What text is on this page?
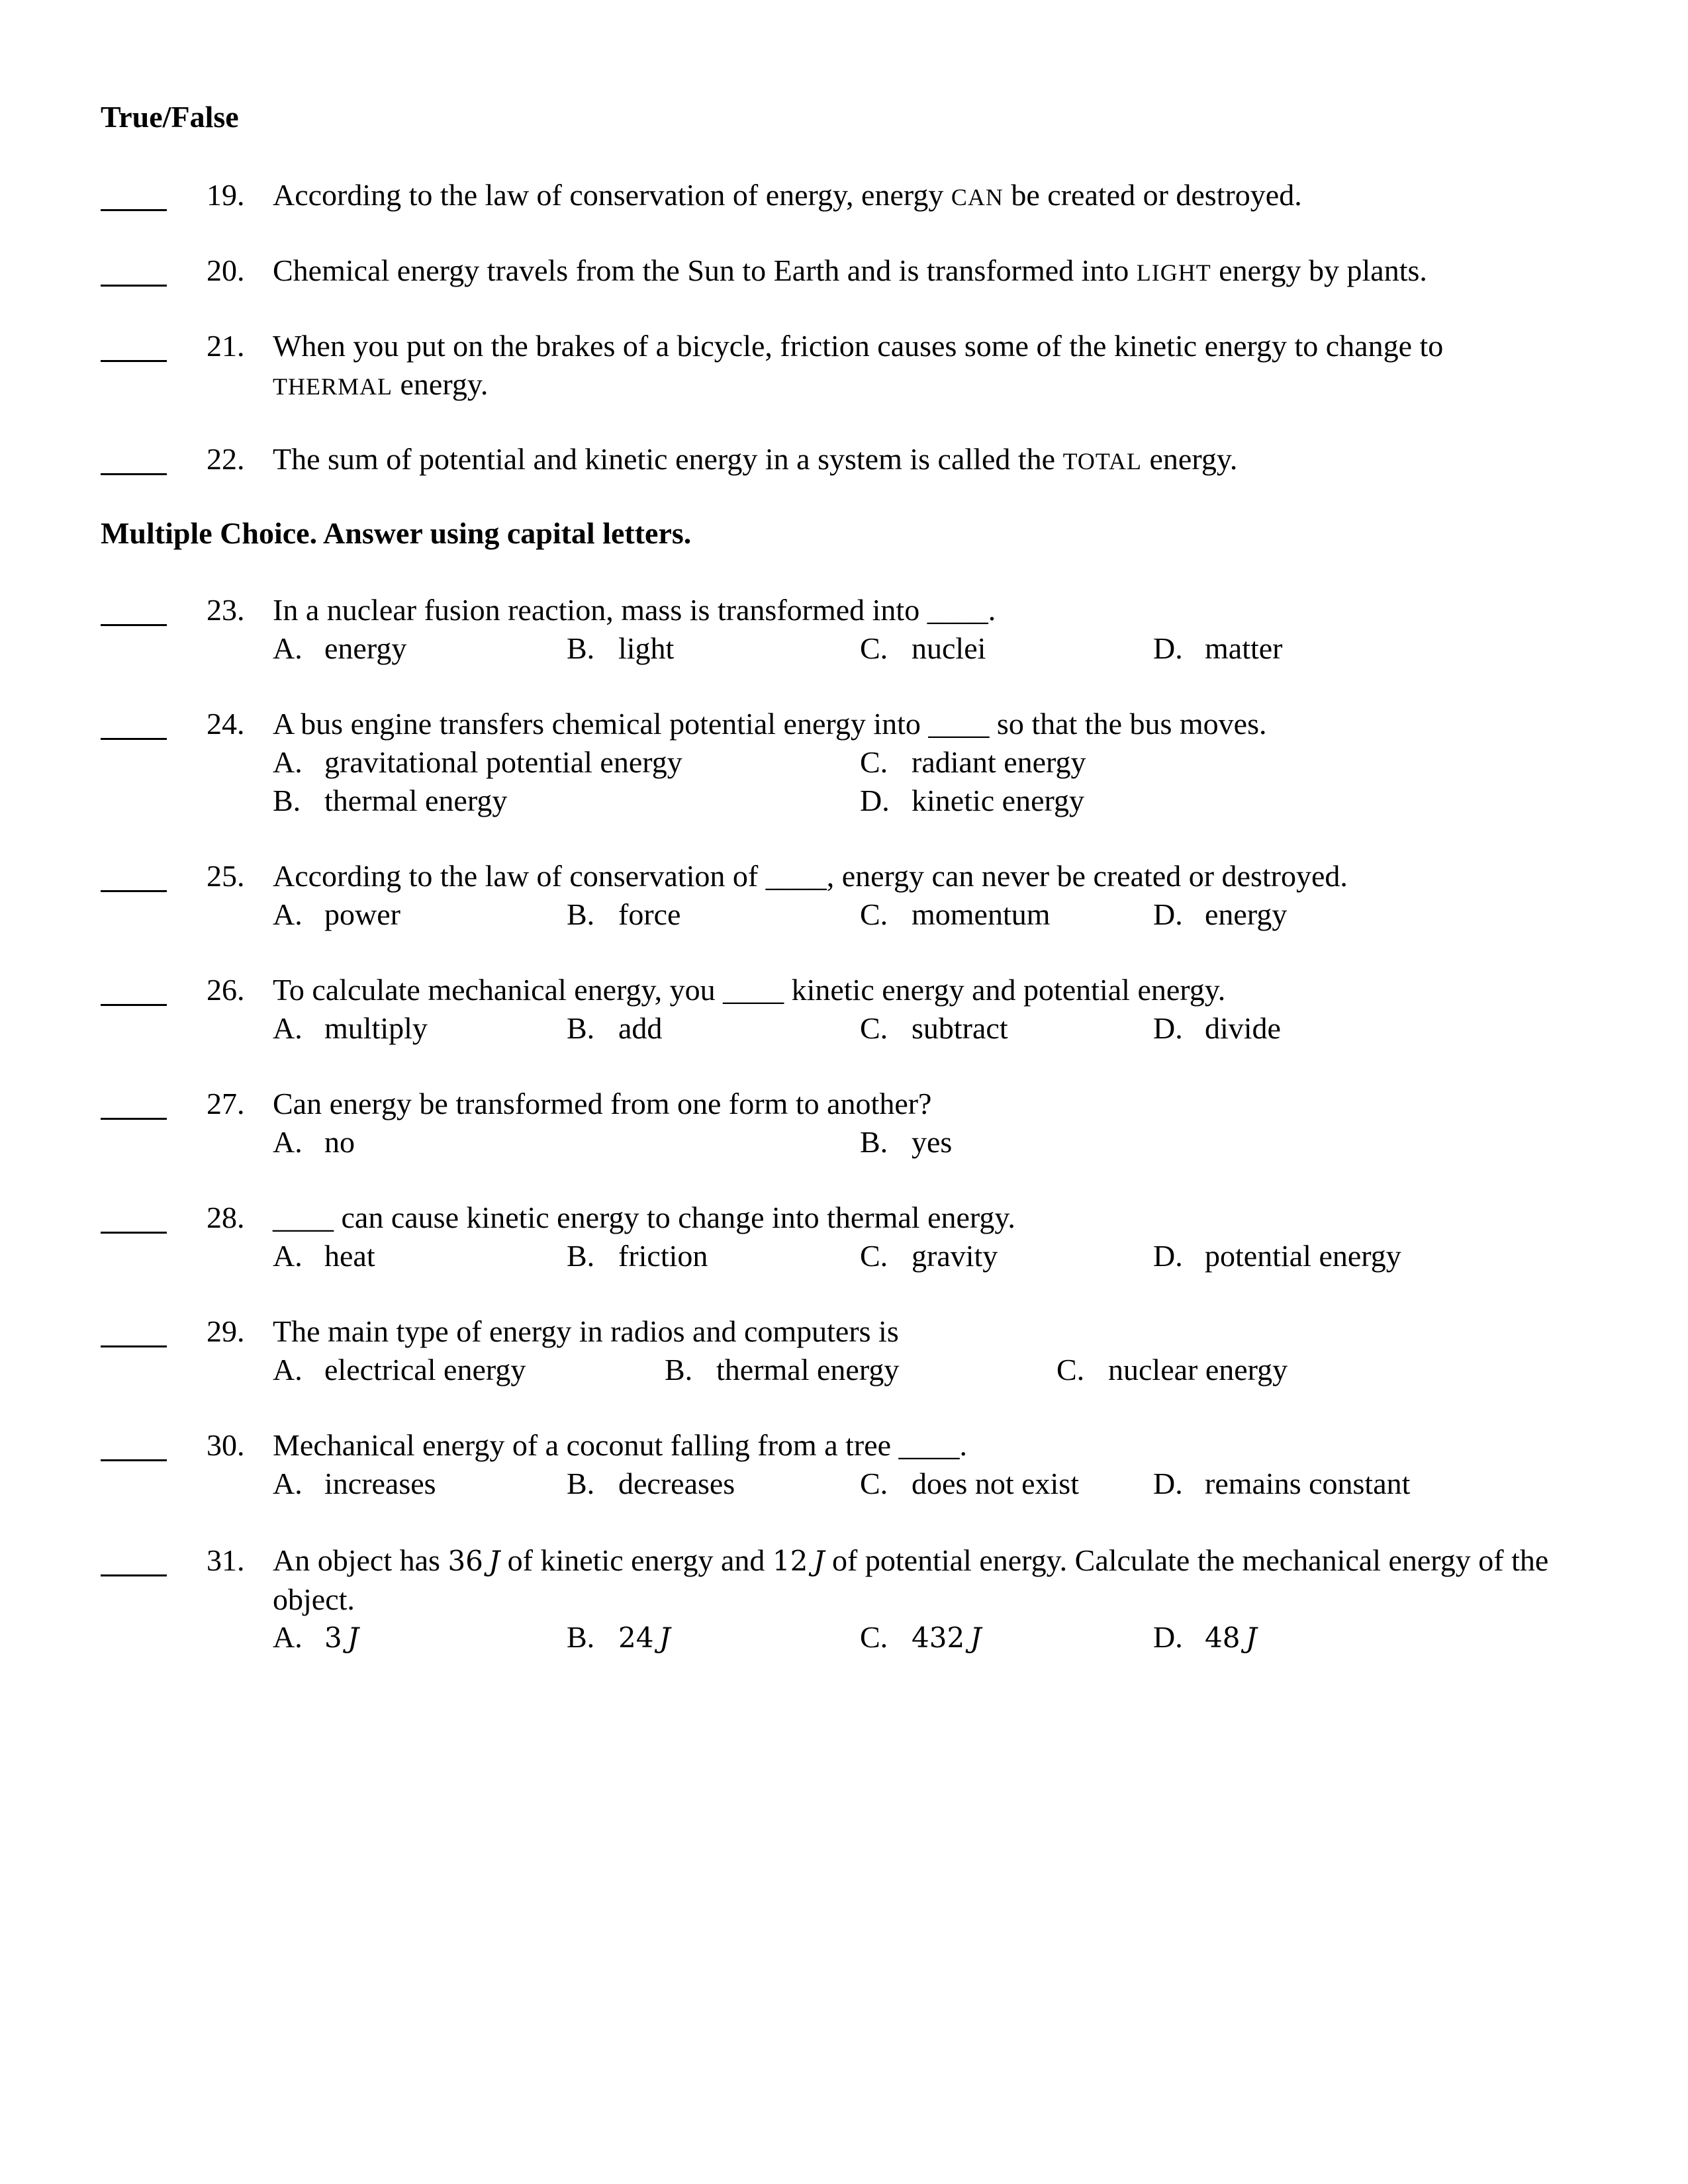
True/False
19. According to the law of conservation of energy, energy CAN be created or destroyed.
20. Chemical energy travels from the Sun to Earth and is transformed into LIGHT energy by plants.
21. When you put on the brakes of a bicycle, friction causes some of the kinetic energy to change to THERMAL energy.
22. The sum of potential and kinetic energy in a system is called the TOTAL energy.
Multiple Choice. Answer using capital letters.
23. In a nuclear fusion reaction, mass is transformed into ____.
A. energy	B. light	C. nuclei	D. matter
24. A bus engine transfers chemical potential energy into ____ so that the bus moves.
A. gravitational potential energy	C. radiant energy
B. thermal energy	D. kinetic energy
25. According to the law of conservation of ____, energy can never be created or destroyed.
A. power	B. force	C. momentum	D. energy
26. To calculate mechanical energy, you ____ kinetic energy and potential energy.
A. multiply	B. add	C. subtract	D. divide
27. Can energy be transformed from one form to another?
A. no	B. yes
28. ____ can cause kinetic energy to change into thermal energy.
A. heat	B. friction	C. gravity	D. potential energy
29. The main type of energy in radios and computers is
A. electrical energy	B. thermal energy	C. nuclear energy
30. Mechanical energy of a coconut falling from a tree ____.
A. increases	B. decreases	C. does not exist D. remains constant
31. An object has 36  J of kinetic energy and 12  J of potential energy. Calculate the mechanical energy of the object.
A. 3  J	B. 24  J	C. 432  J	D. 48  J
